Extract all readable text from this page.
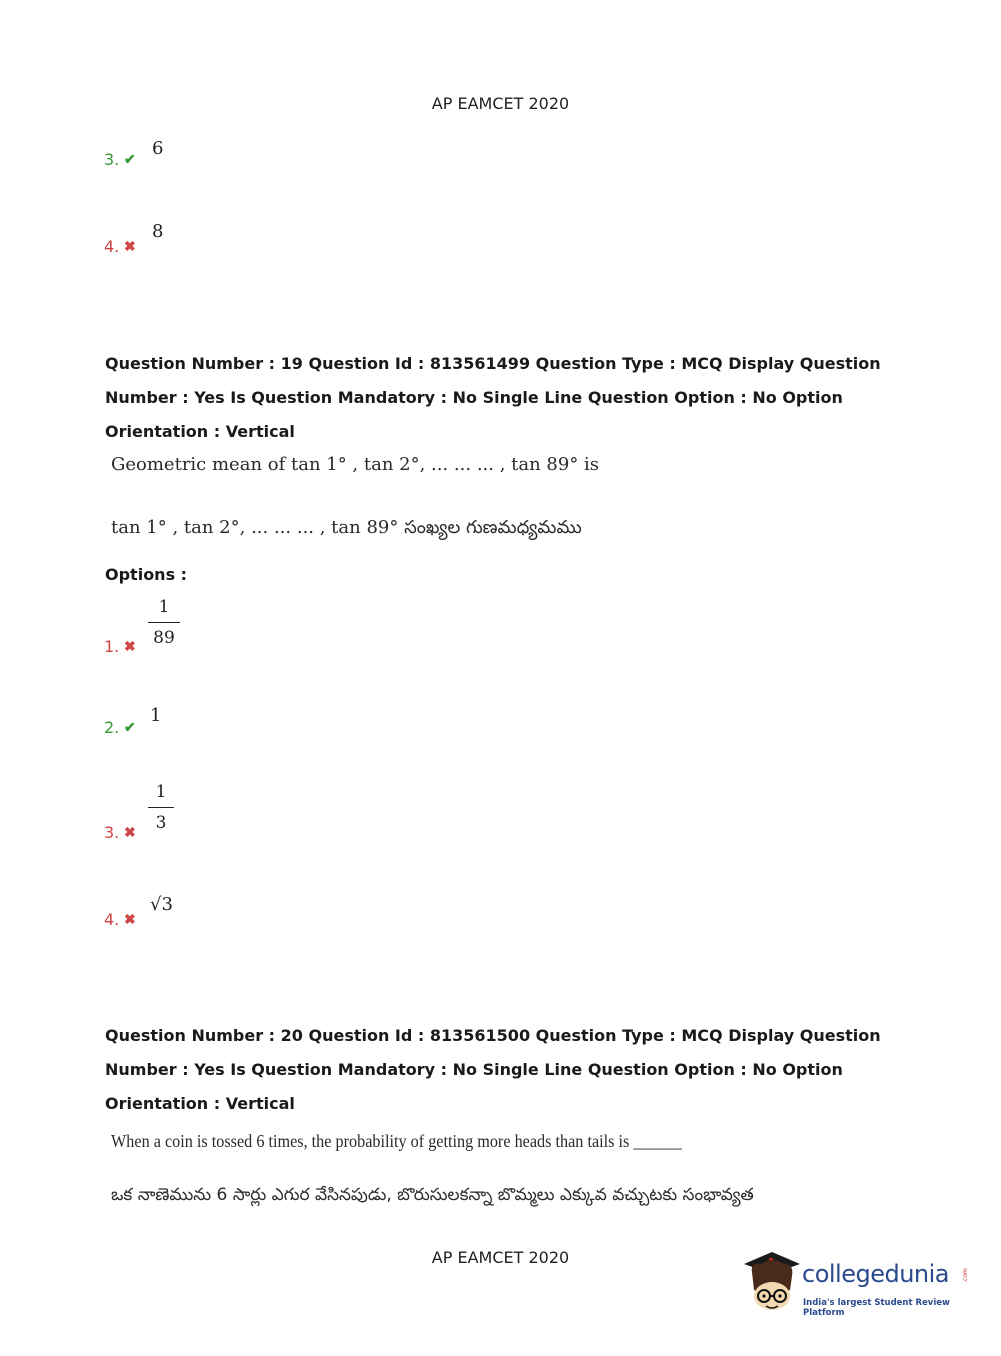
AP EAMCET 2020
3. ✔ 6
4. ✖
8
Question Number : 19 Question Id : 813561499 Question Type : MCQ Display Question
Number : Yes Is Question Mandatory : No Single Line Question Option : No Option
Orientation : Vertical
Geometric mean of tan 1° , tan 2°, ... ... ... , tan 89° is
tan 1° , tan 2°, ... ... ... , tan 89° సంఖ్యల గుణమధ్యమము
Options :
1. ✖
1
89
2. ✔
1
3. ✖
1
3
4. ✖
√3
Question Number : 20 Question Id : 813561500 Question Type : MCQ Display Question
Number : Yes Is Question Mandatory : No Single Line Question Option : No Option
Orientation : Vertical
When a coin is tossed 6 times, the probability of getting more heads than tails is ______
ఒక నాణెమును 6 సార్లు ఎగుర వేసినపుడు, బొరుసులకన్నా బొమ్మలు ఎక్కువ వచ్చుటకు సంభావ్యత
AP EAMCET 2020
collegedunia .com
India's largest Student Review Platform
